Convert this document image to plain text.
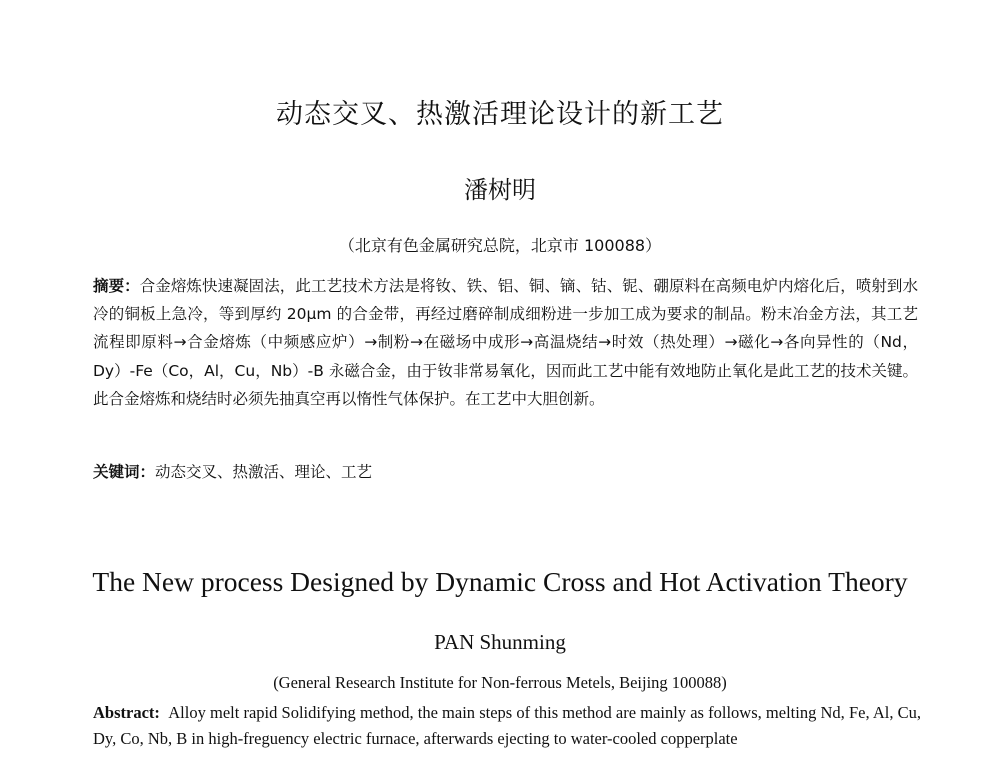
动态交叉、热激活理论设计的新工艺
潘树明
（北京有色金属研究总院，北京市 100088）

摘要：合金熔炼快速凝固法，此工艺技术方法是将钕、铁、铝、铜、镝、钴、铌、硼原料在高频电炉内熔化后，喷射到水冷的铜板上急冷，等到厚约 20μm 的合金带，再经过磨碎制成细粉进一步加工成为要求的制品。粉末冶金方法，其工艺流程即原料→合金熔炼（中频感应炉）→制粉→在磁场中成形→高温烧结→时效（热处理）→磁化→各向异性的（Nd，Dy）-Fe（Co，Al，Cu，Nb）-B 永磁合金，由于钕非常易氧化，因而此工艺中能有效地防止氧化是此工艺的技术关键。此合金熔炼和烧结时必须先抽真空再以惰性气体保护。在工艺中大胆创新。

关键词：动态交叉、热激活、理论、工艺

The New process Designed by Dynamic Cross and Hot Activation Theory
PAN Shunming
(General Research Institute for Non-ferrous Metels, Beijing 100088)

Abstract: Alloy melt rapid Solidifying method, the main steps of this method are mainly as follows, melting Nd, Fe, Al, Cu, Dy, Co, Nb, B in high-freguency electric furnace, afterwards ejecting to water-cooled copperplate
